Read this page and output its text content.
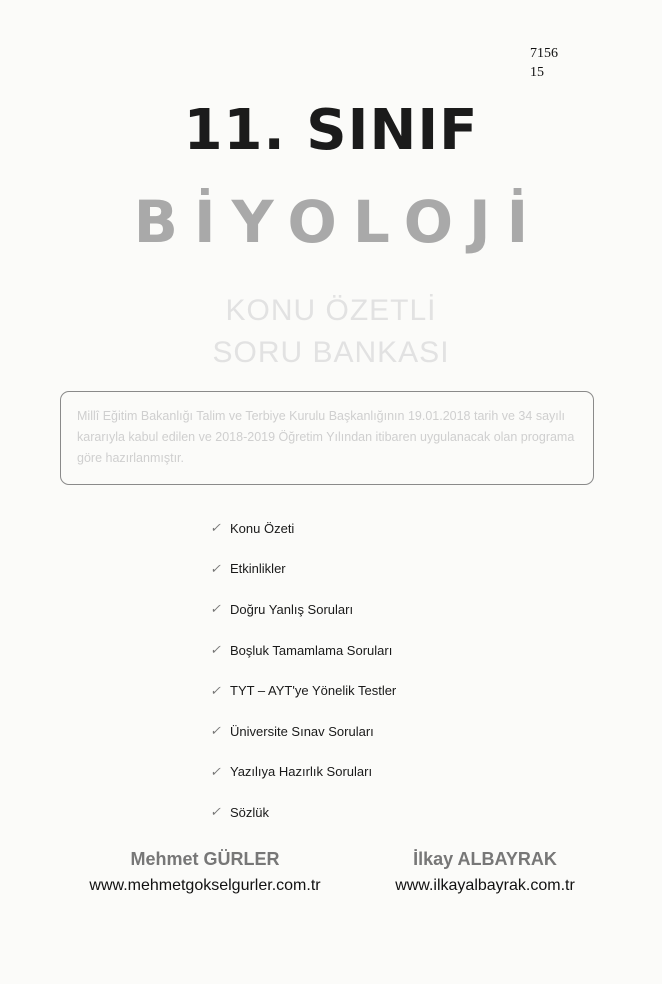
7156
15
11. SINIF
BİYOLOJİ
KONU ÖZETLİ
SORU BANKASI
Millî Eğitim Bakanlığı Talim ve Terbiye Kurulu Başkanlığının 19.01.2018 tarih ve 34 sayılı kararıyla kabul edilen ve 2018-2019 Öğretim Yılından itibaren uygulanacak olan programa göre hazırlanmıştır.
✓ Konu Özeti
✓ Etkinlikler
✓ Doğru Yanlış Soruları
✓ Boşluk Tamamlama Soruları
✓ TYT – AYT'ye Yönelik Testler
✓ Üniversite Sınav Soruları
✓ Yazılıya Hazırlık Soruları
✓ Sözlük
Mehmet GÜRLER
www.mehmetgokselgurler.com.tr
İlkay ALBAYRAK
www.ilkayalbayrak.com.tr
